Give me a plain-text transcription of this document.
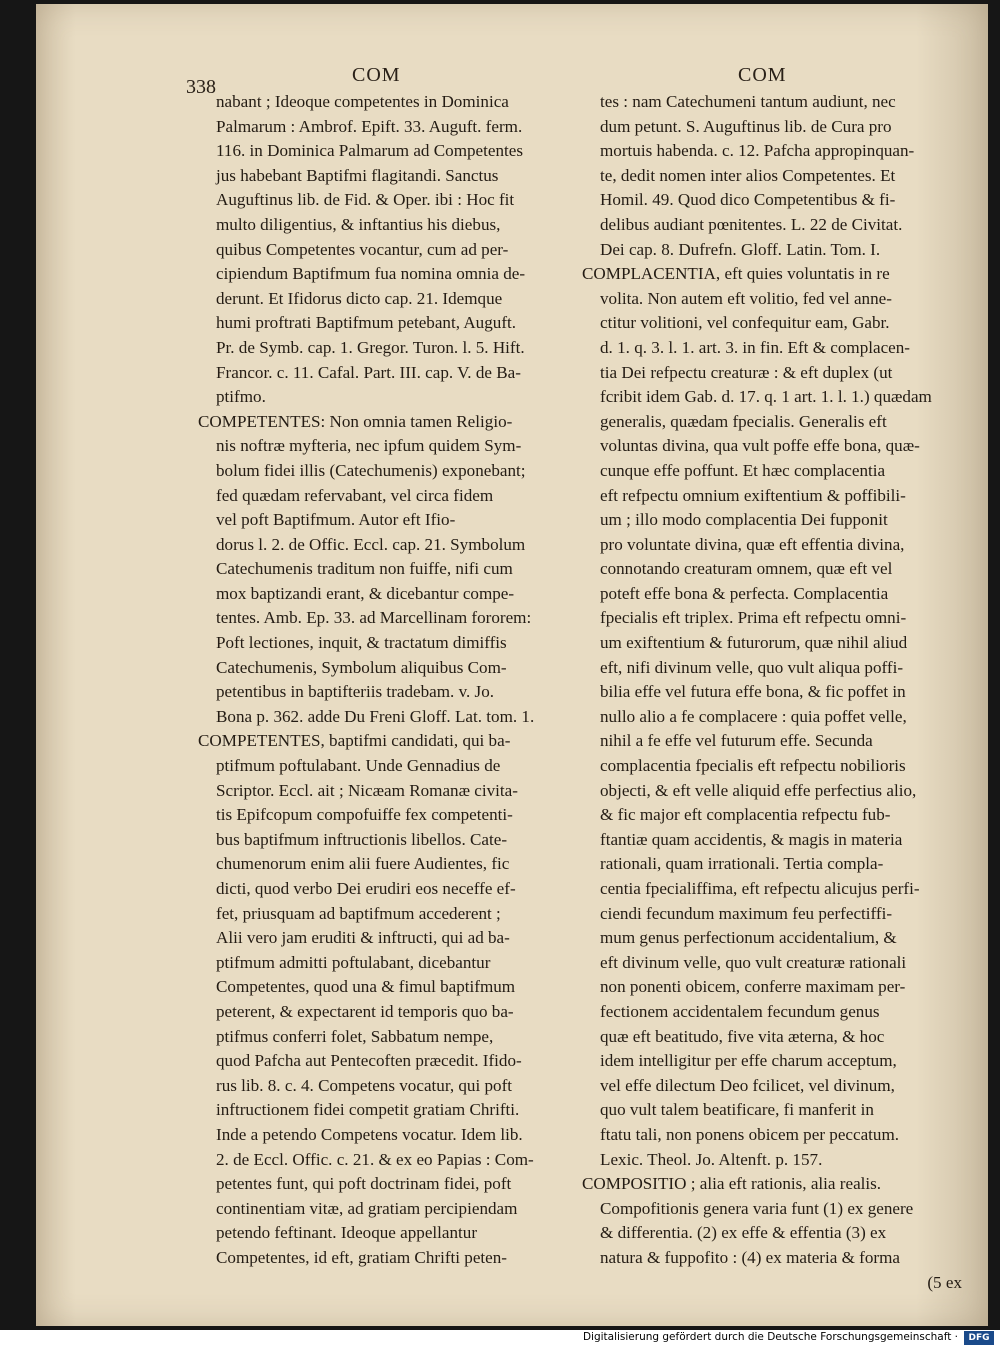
338
COM	COM
nabant ; Ideoque competentes in Dominica
Palmarum : Ambrof. Epift. 33. Auguft. ferm.
116. in Dominica Palmarum ad Competentes
jus habebant Baptifmi flagitandi. Sanctus
Auguftinus lib. de Fid. & Oper. ibi : Hoc fit
multo diligentius, & inftantius his diebus,
quibus Competentes vocantur, cum ad per-
cipiendum Baptifmum fua nomina omnia de-
derunt. Et Ifidorus dicto cap. 21. Idemque
humi proftrati Baptifmum petebant, Auguft.
Pr. de Symb. cap. 1. Gregor. Turon. l. 5. Hift.
Francor. c. 11. Cafal. Part. III. cap. V. de Ba-
ptifmo.
COMPETENTES: Non omnia tamen Religio-
nis noftræ myfteria, nec ipfum quidem Sym-
bolum fidei illis (Catechumenis) exponebant;
fed quædam refervabant, vel circa fidem
vel poft Baptifmum. Autor eft Ifio-
dorus l. 2. de Offic. Eccl. cap. 21. Symbolum
Catechumenis traditum non fuiffe, nifi cum
mox baptizandi erant, & dicebantur compe-
tentes. Amb. Ep. 33. ad Marcellinam fororem:
Poft lectiones, inquit, & tractatum dimiffis
Catechumenis, Symbolum aliquibus Com-
petentibus in baptifteriis tradebam. v. Jo.
Bona p. 362. adde Du Freni Gloff. Lat. tom. 1.
COMPETENTES, baptifmi candidati, qui ba-
ptifmum poftulabant. Unde Gennadius de
Scriptor. Eccl. ait ; Nicæam Romanæ civita-
tis Epifcopum compofuiffe fex competenti-
bus baptifmum inftructionis libellos. Cate-
chumenorum enim alii fuere Audientes, fic
dicti, quod verbo Dei erudiri eos neceffe ef-
fet, priusquam ad baptifmum accederent ;
Alii vero jam eruditi & inftructi, qui ad ba-
ptifmum admitti poftulabant, dicebantur
Competentes, quod una & fimul baptifmum
peterent, & expectarent id temporis quo ba-
ptifmus conferri folet, Sabbatum nempe,
quod Pafcha aut Pentecoften præcedit. Ifido-
rus lib. 8. c. 4. Competens vocatur, qui poft
inftructionem fidei competit gratiam Chrifti.
Inde a petendo Competens vocatur. Idem lib.
2. de Eccl. Offic. c. 21. & ex eo Papias : Com-
petentes funt, qui poft doctrinam fidei, poft
continentiam vitæ, ad gratiam percipiendam
petendo feftinant. Ideoque appellantur
Competentes, id eft, gratiam Chrifti peten-
tes : nam Catechumeni tantum audiunt, nec
dum petunt. S. Auguftinus lib. de Cura pro
mortuis habenda. c. 12. Pafcha appropinquan-
te, dedit nomen inter alios Competentes. Et
Homil. 49. Quod dico Competentibus & fi-
delibus audiant pœnitentes. L. 22 de Civitat.
Dei cap. 8. Dufrefn. Gloff. Latin. Tom. I.
COMPLACENTIA, eft quies voluntatis in re
volita. Non autem eft volitio, fed vel anne-
ctitur volitioni, vel confequitur eam, Gabr.
d. 1. q. 3. l. 1. art. 3. in fin. Eft & complacen-
tia Dei refpectu creaturæ : & eft duplex (ut
fcribit idem Gab. d. 17. q. 1 art. 1. l. 1.) quædam
generalis, quædam fpecialis. Generalis eft
voluntas divina, qua vult poffe effe bona, quæ-
cunque effe poffunt. Et hæc complacentia
eft refpectu omnium exiftentium & poffibili-
um ; illo modo complacentia Dei fupponit
pro voluntate divina, quæ eft effentia divina,
connotando creaturam omnem, quæ eft vel
poteft effe bona & perfecta. Complacentia
fpecialis eft triplex. Prima eft refpectu omni-
um exiftentium & futurorum, quæ nihil aliud
eft, nifi divinum velle, quo vult aliqua poffi-
bilia effe vel futura effe bona, & fic poffet in
nullo alio a fe complacere : quia poffet velle,
nihil a fe effe vel futurum effe. Secunda
complacentia fpecialis eft refpectu nobilioris
objecti, & eft velle aliquid effe perfectius alio,
& fic major eft complacentia refpectu fub-
ftantiæ quam accidentis, & magis in materia
rationali, quam irrationali. Tertia compla-
centia fpecialiffima, eft refpectu alicujus perfi-
ciendi fecundum maximum feu perfectiffi-
mum genus perfectionum accidentalium, &
eft divinum velle, quo vult creaturæ rationali
non ponenti obicem, conferre maximam per-
fectionem accidentalem fecundum genus
quæ eft beatitudo, five vita æterna, & hoc
idem intelligitur per effe charum acceptum,
vel effe dilectum Deo fcilicet, vel divinum,
quo vult talem beatificare, fi manferit in
ftatu tali, non ponens obicem per peccatum.
Lexic. Theol. Jo. Altenft. p. 157.
COMPOSITIO ; alia eft rationis, alia realis.
Compofitionis genera varia funt (1) ex genere
& differentia. (2) ex effe & effentia (3) ex
natura & fuppofito : (4) ex materia & forma
(5 ex
Digitalisierung gefördert durch die Deutsche Forschungsgemeinschaft ·	DFG
